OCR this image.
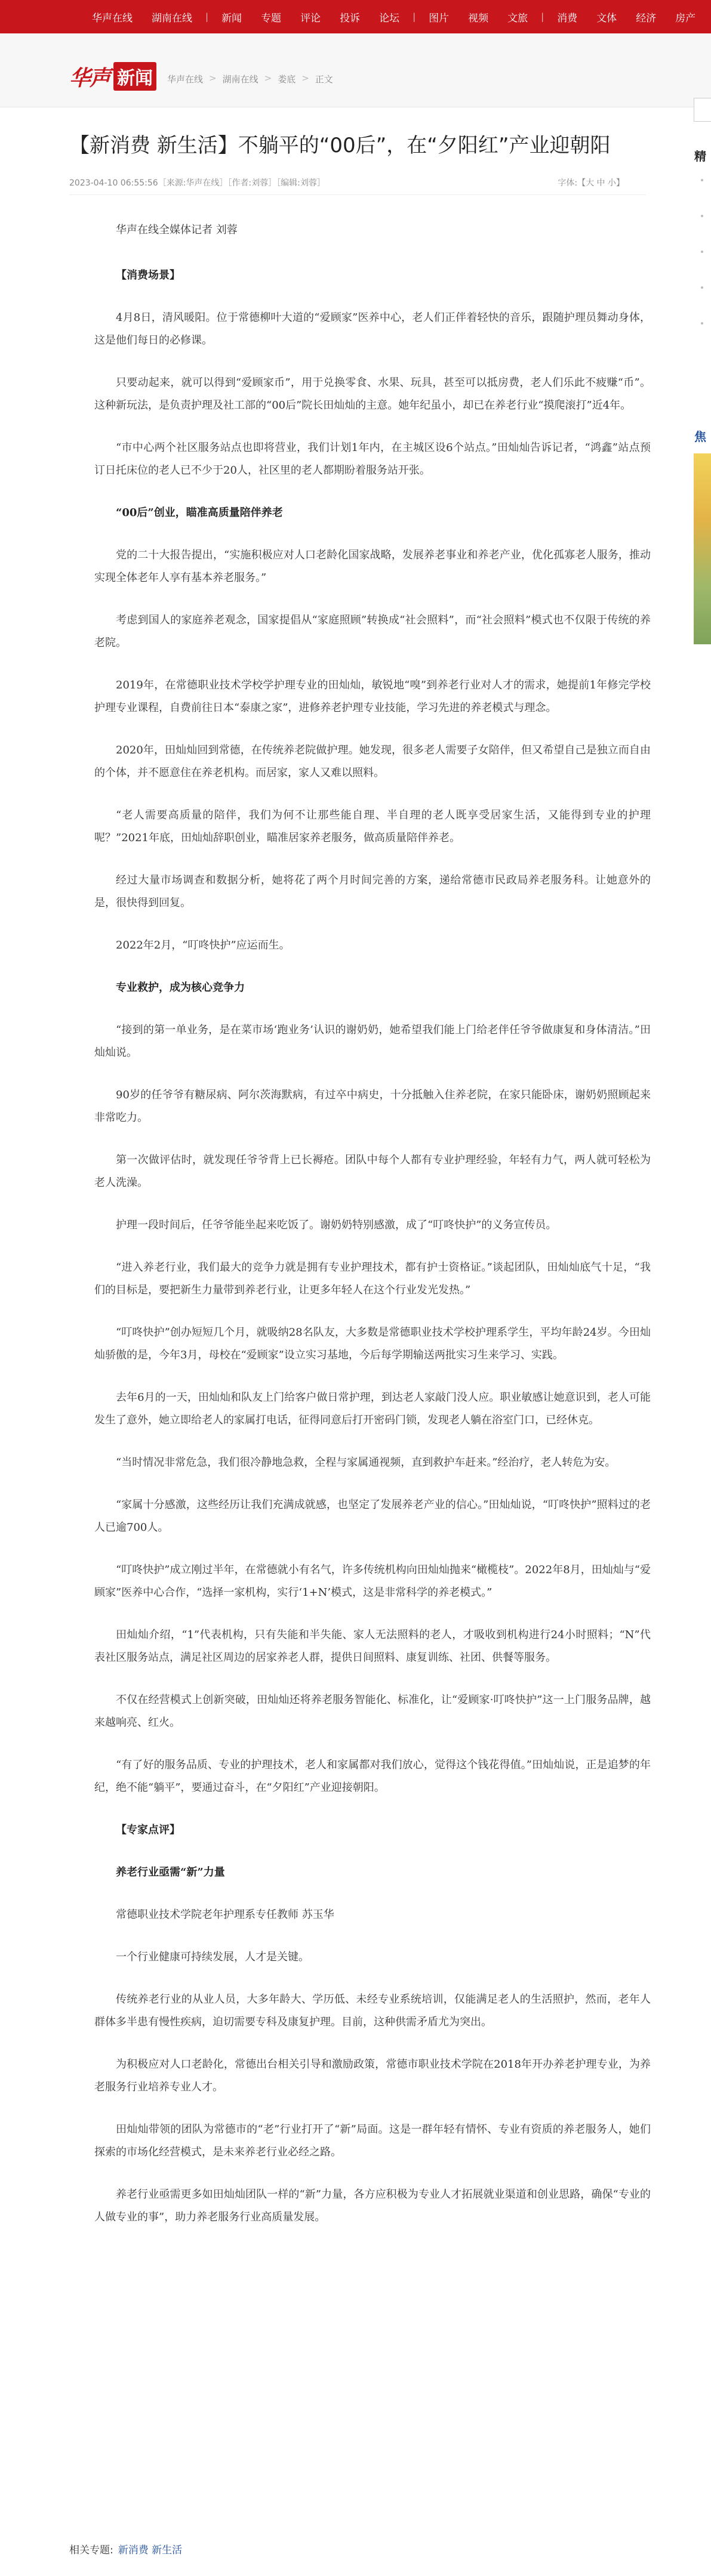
华声在线	湖南在线	|	新闻	专题	评论	投诉	论坛	|	图片	视频	文旅	|	消费	文体	经济	房产
华声 新闻	华声在线 > 湖南在线 > 娄底 > 正文
【新消费 新生活】不躺平的“00后”，在“夕阳红”产业迎朝阳
2023-04-10 06:55:56［来源:华声在线］［作者:刘蓉］［编辑:刘蓉］	字体:【大 中 小】

华声在线全媒体记者 刘蓉

【消费场景】

4月8日，清风暖阳。位于常德柳叶大道的“爱顾家”医养中心，老人们正伴着轻快的音乐，跟随护理员舞动身体，这是他们每日的必修课。

只要动起来，就可以得到“爱顾家币”，用于兑换零食、水果、玩具，甚至可以抵房费，老人们乐此不疲赚“币”。这种新玩法，是负责护理及社工部的“00后”院长田灿灿的主意。她年纪虽小，却已在养老行业“摸爬滚打”近4年。

“市中心两个社区服务站点也即将营业，我们计划1年内，在主城区设6个站点。”田灿灿告诉记者，“鸿鑫”站点预订日托床位的老人已不少于20人，社区里的老人都期盼着服务站开张。

“00后”创业，瞄准高质量陪伴养老

党的二十大报告提出，“实施积极应对人口老龄化国家战略，发展养老事业和养老产业，优化孤寡老人服务，推动实现全体老年人享有基本养老服务。”

考虑到国人的家庭养老观念，国家提倡从“家庭照顾”转换成“社会照料”，而“社会照料”模式也不仅限于传统的养老院。

2019年，在常德职业技术学校学护理专业的田灿灿，敏锐地“嗅”到养老行业对人才的需求，她提前1年修完学校护理专业课程，自费前往日本“泰康之家”，进修养老护理专业技能，学习先进的养老模式与理念。

2020年，田灿灿回到常德，在传统养老院做护理。她发现，很多老人需要子女陪伴，但又希望自己是独立而自由的个体，并不愿意住在养老机构。而居家，家人又难以照料。

“老人需要高质量的陪伴，我们为何不让那些能自理、半自理的老人既享受居家生活，又能得到专业的护理呢？”2021年底，田灿灿辞职创业，瞄准居家养老服务，做高质量陪伴养老。

经过大量市场调查和数据分析，她将花了两个月时间完善的方案，递给常德市民政局养老服务科。让她意外的是，很快得到回复。

2022年2月，“叮咚快护”应运而生。

专业救护，成为核心竞争力

“接到的第一单业务，是在菜市场‘跑业务’认识的谢奶奶，她希望我们能上门给老伴任爷爷做康复和身体清洁。”田灿灿说。

90岁的任爷爷有糖尿病、阿尔茨海默病，有过卒中病史，十分抵触入住养老院，在家只能卧床，谢奶奶照顾起来非常吃力。

第一次做评估时，就发现任爷爷背上已长褥疮。团队中每个人都有专业护理经验，年轻有力气，两人就可轻松为老人洗澡。

护理一段时间后，任爷爷能坐起来吃饭了。谢奶奶特别感激，成了“叮咚快护”的义务宣传员。

“进入养老行业，我们最大的竞争力就是拥有专业护理技术，都有护士资格证。”谈起团队，田灿灿底气十足，“我们的目标是，要把新生力量带到养老行业，让更多年轻人在这个行业发光发热。”

“叮咚快护”创办短短几个月，就吸纳28名队友，大多数是常德职业技术学校护理系学生，平均年龄24岁。今田灿灿骄傲的是，今年3月，母校在“爱顾家”设立实习基地，今后每学期输送两批实习生来学习、实践。

去年6月的一天，田灿灿和队友上门给客户做日常护理，到达老人家敲门没人应。职业敏感让她意识到，老人可能发生了意外，她立即给老人的家属打电话，征得同意后打开密码门锁，发现老人躺在浴室门口，已经休克。

“当时情况非常危急，我们很冷静地急救，全程与家属通视频，直到救护车赶来。”经治疗，老人转危为安。

“家属十分感激，这些经历让我们充满成就感，也坚定了发展养老产业的信心。”田灿灿说，“叮咚快护”照料过的老人已逾700人。

“叮咚快护”成立刚过半年，在常德就小有名气，许多传统机构向田灿灿抛来“橄榄枝”。2022年8月，田灿灿与“爱顾家”医养中心合作，“选择一家机构，实行‘1+N’模式，这是非常科学的养老模式。”

田灿灿介绍，“1”代表机构，只有失能和半失能、家人无法照料的老人，才吸收到机构进行24小时照料；“N”代表社区服务站点，满足社区周边的居家养老人群，提供日间照料、康复训练、社团、供餐等服务。

不仅在经营模式上创新突破，田灿灿还将养老服务智能化、标准化，让“爱顾家·叮咚快护”这一上门服务品牌，越来越响亮、红火。

“有了好的服务品质、专业的护理技术，老人和家属都对我们放心，觉得这个钱花得值。”田灿灿说，正是追梦的年纪，绝不能“躺平”，要通过奋斗，在“夕阳红”产业迎接朝阳。

【专家点评】

养老行业亟需“新”力量

常德职业技术学院老年护理系专任教师 苏玉华

一个行业健康可持续发展，人才是关键。

传统养老行业的从业人员，大多年龄大、学历低、未经专业系统培训，仅能满足老人的生活照护，然而，老年人群体多半患有慢性疾病，迫切需要专科及康复护理。目前，这种供需矛盾尤为突出。

为积极应对人口老龄化，常德出台相关引导和激励政策，常德市职业技术学院在2018年开办养老护理专业，为养老服务行业培养专业人才。

田灿灿带领的团队为常德市的“老”行业打开了“新”局面。这是一群年轻有情怀、专业有资质的养老服务人，她们探索的市场化经营模式，是未来养老行业必经之路。

养老行业亟需更多如田灿灿团队一样的“新”力量，各方应积极为专业人才拓展就业渠道和创业思路，确保“专业的人做专业的事”，助力养老服务行业高质量发展。

相关专题: 新消费 新生活
精
焦
